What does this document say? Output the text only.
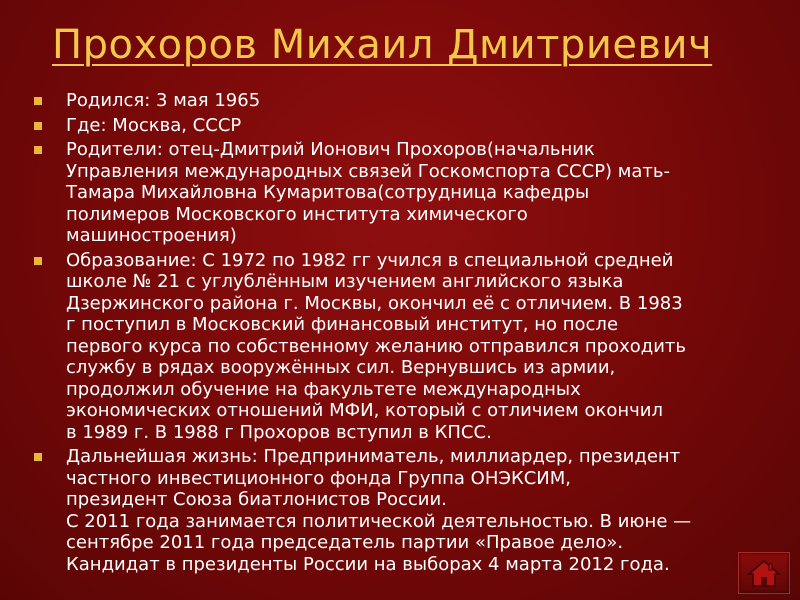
Прохоров Михаил Дмитриевич
Родился: 3 мая 1965
Где: Москва, СССР
Родители: отец-Дмитрий Ионович Прохоров(начальник
Управления международных связей Госкомспорта СССР) мать-
Тамара Михайловна Кумаритова(сотрудница кафедры
полимеров Московского института химического
машиностроения)
Образование: С 1972 по 1982 гг учился в специальной средней
школе № 21 с углублённым изучением английского языка
Дзержинского района г. Москвы, окончил её с отличием. В 1983
г поступил в Московский финансовый институт, но после
первого курса по собственному желанию отправился проходить
службу в рядах вооружённых сил. Вернувшись из армии,
продолжил обучение на факультете международных
экономических отношений МФИ, который с отличием окончил
в 1989 г. В 1988 г Прохоров вступил в КПСС.
Дальнейшая жизнь: Предприниматель, миллиардер, президент
частного инвестиционного фонда Группа ОНЭКСИМ,
президент Союза биатлонистов России.
С 2011 года занимается политической деятельностью. В июне —
сентябре 2011 года председатель партии «Правое дело».
Кандидат в президенты России на выборах 4 марта 2012 года.
